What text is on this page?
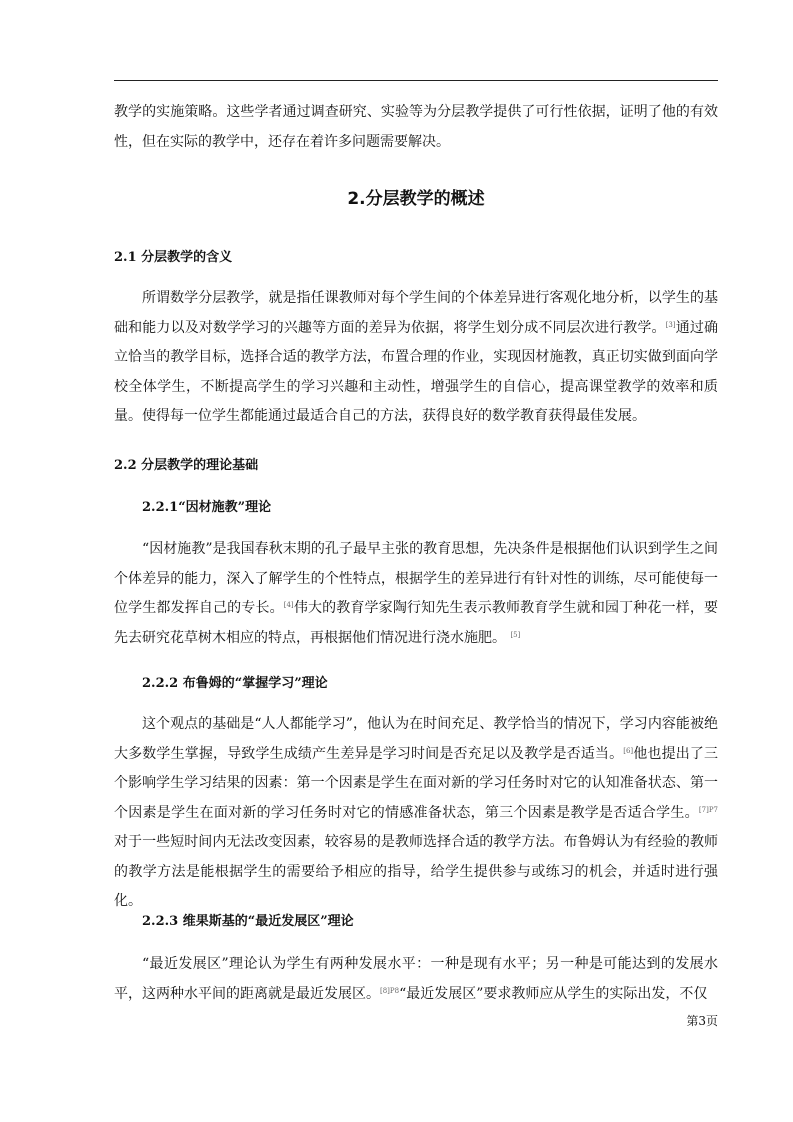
教学的实施策略。这些学者通过调查研究、实验等为分层教学提供了可行性依据，证明了他的有效性，但在实际的教学中，还存在着许多问题需要解决。

2.分层教学的概述
2.1 分层教学的含义

所谓数学分层教学，就是指任课教师对每个学生间的个体差异进行客观化地分析，以学生的基础和能力以及对数学学习的兴趣等方面的差异为依据，将学生划分成不同层次进行教学。[3]通过确立恰当的教学目标，选择合适的教学方法，布置合理的作业，实现因材施教，真正切实做到面向学校全体学生，不断提高学生的学习兴趣和主动性，增强学生的自信心，提高课堂教学的效率和质量。使得每一位学生都能通过最适合自己的方法，获得良好的数学教育获得最佳发展。

2.2 分层教学的理论基础
2.2.1“因材施教”理论

“因材施教”是我国春秋末期的孔子最早主张的教育思想，先决条件是根据他们认识到学生之间个体差异的能力，深入了解学生的个性特点，根据学生的差异进行有针对性的训练，尽可能使每一位学生都发挥自己的专长。[4]伟大的教育学家陶行知先生表示教师教育学生就和园丁种花一样，要先去研究花草树木相应的特点，再根据他们情况进行浇水施肥。 [5]

2.2.2 布鲁姆的“掌握学习”理论

这个观点的基础是“人人都能学习”，他认为在时间充足、教学恰当的情况下，学习内容能被绝大多数学生掌握，导致学生成绩产生差异是学习时间是否充足以及教学是否适当。[6]他也提出了三个影响学生学习结果的因素：第一个因素是学生在面对新的学习任务时对它的认知准备状态、第一个因素是学生在面对新的学习任务时对它的情感准备状态，第三个因素是教学是否适合学生。$^{[7]P7}$对于一些短时间内无法改变因素，较容易的是教师选择合适的教学方法。布鲁姆认为有经验的教师的教学方法是能根据学生的需要给予相应的指导，给学生提供参与或练习的机会，并适时进行强化。

2.2.3 维果斯基的“最近发展区”理论

“最近发展区”理论认为学生有两种发展水平：一种是现有水平；另一种是可能达到的发展水平，这两种水平间的距离就是最近发展区。$^{[8]P8}$“最近发展区”要求教师应从学生的实际出发，不仅

第3页
